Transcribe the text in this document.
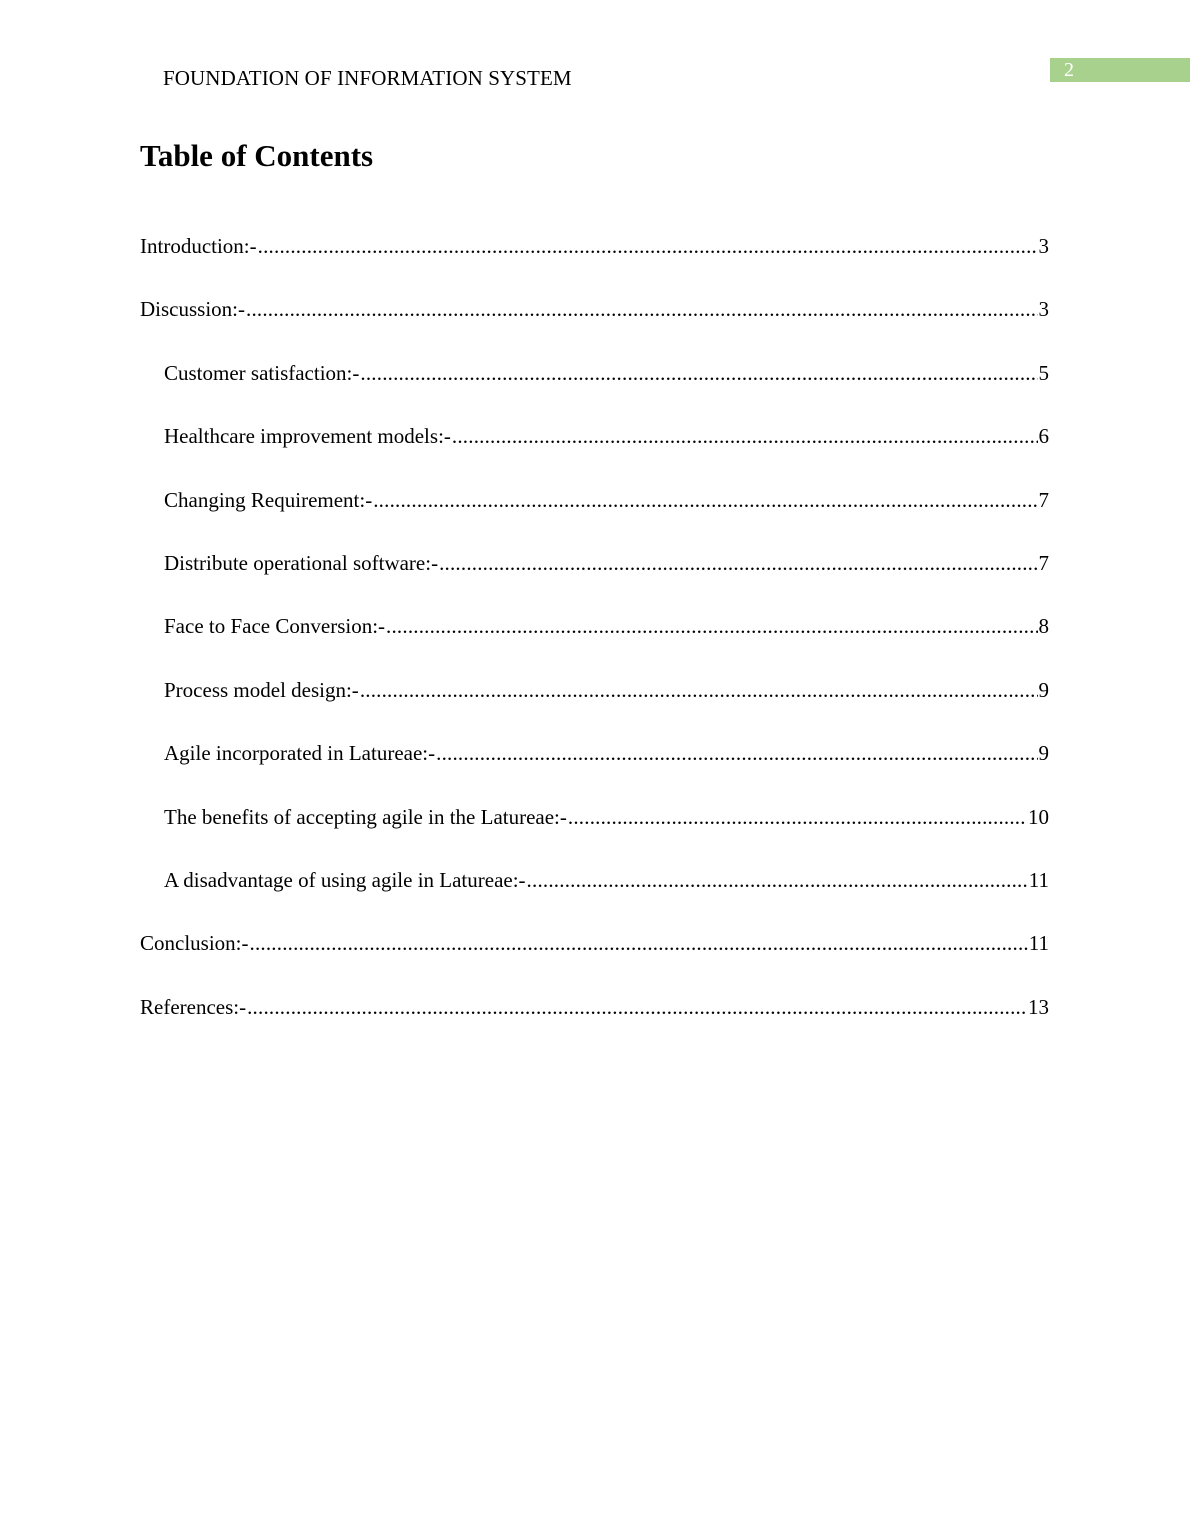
2
FOUNDATION OF INFORMATION SYSTEM
Table of Contents
Introduction:- .....	3
Discussion:- .....	3
Customer satisfaction:- .....	5
Healthcare improvement models:- .....	6
Changing Requirement:- .....	7
Distribute operational software:- .....	7
Face to Face Conversion:- .....	8
Process model design:- .....	9
Agile incorporated in Latureae:- .....	9
The benefits of accepting agile in the Latureae:- .....	10
A disadvantage of using agile in Latureae:- .....	11
Conclusion:- .....	11
References:- .....	13
